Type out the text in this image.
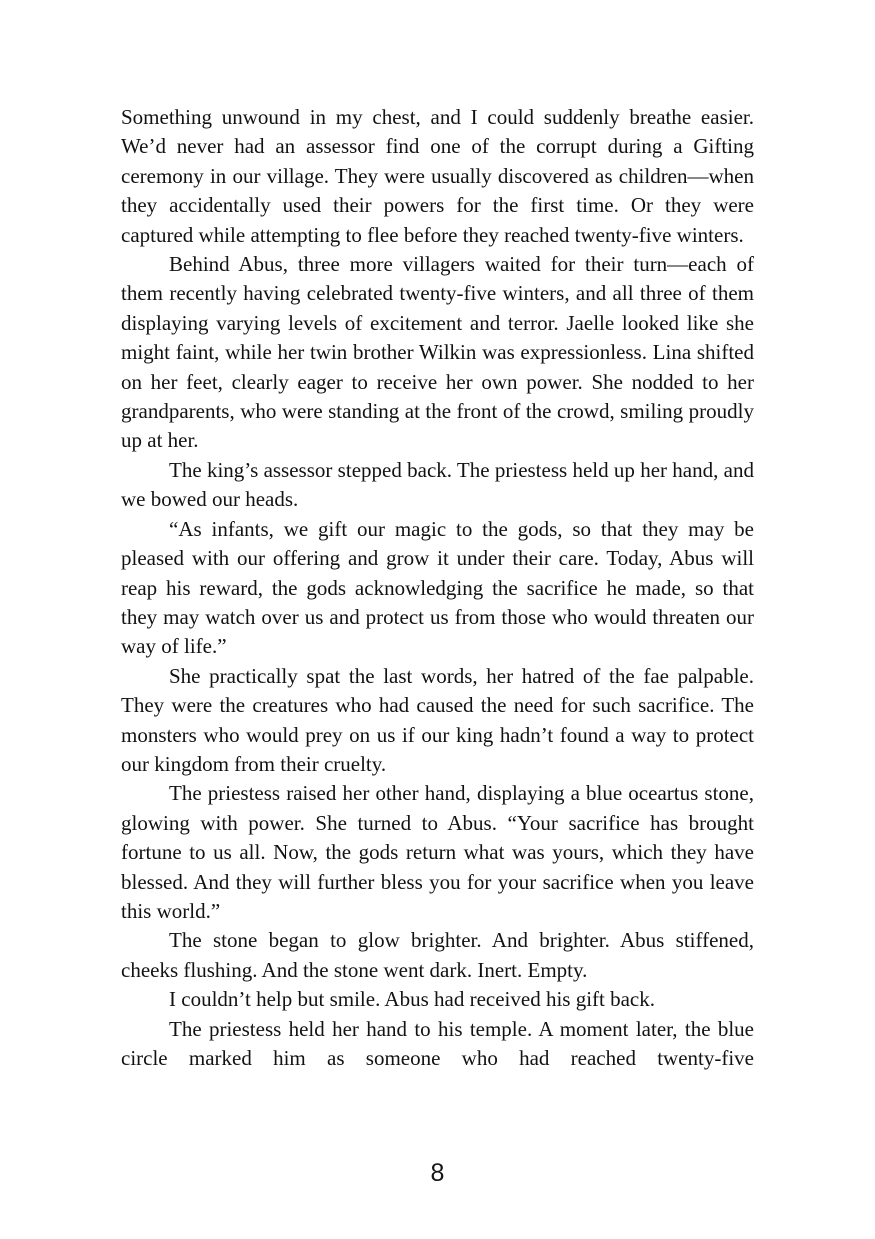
Something unwound in my chest, and I could suddenly breathe easier. We’d never had an assessor find one of the corrupt during a Gifting ceremony in our village. They were usually discovered as children—when they accidentally used their powers for the first time. Or they were captured while attempting to flee before they reached twenty-five winters.

Behind Abus, three more villagers waited for their turn—each of them recently having celebrated twenty-five winters, and all three of them displaying varying levels of excitement and terror. Jaelle looked like she might faint, while her twin brother Wilkin was expressionless. Lina shifted on her feet, clearly eager to receive her own power. She nodded to her grandparents, who were standing at the front of the crowd, smiling proudly up at her.

The king’s assessor stepped back. The priestess held up her hand, and we bowed our heads.

“As infants, we gift our magic to the gods, so that they may be pleased with our offering and grow it under their care. Today, Abus will reap his reward, the gods acknowledging the sacrifice he made, so that they may watch over us and protect us from those who would threaten our way of life.”

She practically spat the last words, her hatred of the fae palpable. They were the creatures who had caused the need for such sacrifice. The monsters who would prey on us if our king hadn’t found a way to protect our kingdom from their cruelty.

The priestess raised her other hand, displaying a blue oceartus stone, glowing with power. She turned to Abus. “Your sacrifice has brought fortune to us all. Now, the gods return what was yours, which they have blessed. And they will further bless you for your sacrifice when you leave this world.”

The stone began to glow brighter. And brighter. Abus stiffened, cheeks flushing. And the stone went dark. Inert. Empty.

I couldn’t help but smile. Abus had received his gift back.

The priestess held her hand to his temple. A moment later, the blue circle marked him as someone who had reached twenty-five

8
